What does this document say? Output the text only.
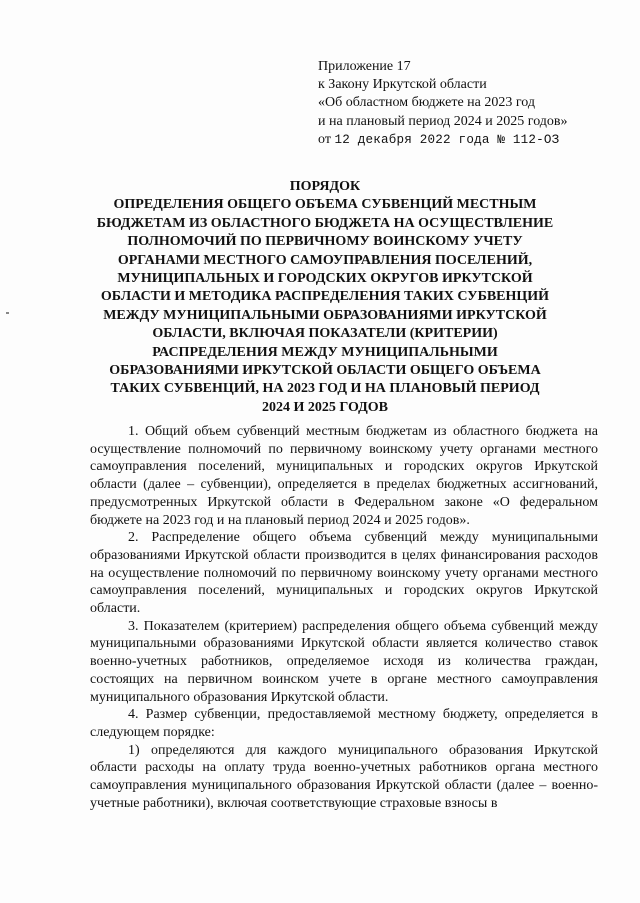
Приложение 17
к Закону Иркутской области
«Об областном бюджете на 2023 год
и на плановый период 2024 и 2025 годов»
от 12 декабря 2022 года № 112-ОЗ
ПОРЯДОК
ОПРЕДЕЛЕНИЯ ОБЩЕГО ОБЪЕМА СУБВЕНЦИЙ МЕСТНЫМ
БЮДЖЕТАМ ИЗ ОБЛАСТНОГО БЮДЖЕТА НА ОСУЩЕСТВЛЕНИЕ
ПОЛНОМОЧИЙ ПО ПЕРВИЧНОМУ ВОИНСКОМУ УЧЕТУ
ОРГАНАМИ МЕСТНОГО САМОУПРАВЛЕНИЯ ПОСЕЛЕНИЙ,
МУНИЦИПАЛЬНЫХ И ГОРОДСКИХ ОКРУГОВ ИРКУТСКОЙ
ОБЛАСТИ И МЕТОДИКА РАСПРЕДЕЛЕНИЯ ТАКИХ СУБВЕНЦИЙ
МЕЖДУ МУНИЦИПАЛЬНЫМИ ОБРАЗОВАНИЯМИ ИРКУТСКОЙ
ОБЛАСТИ, ВКЛЮЧАЯ ПОКАЗАТЕЛИ (КРИТЕРИИ)
РАСПРЕДЕЛЕНИЯ МЕЖДУ МУНИЦИПАЛЬНЫМИ
ОБРАЗОВАНИЯМИ ИРКУТСКОЙ ОБЛАСТИ ОБЩЕГО ОБЪЕМА
ТАКИХ СУБВЕНЦИЙ, НА 2023 ГОД И НА ПЛАНОВЫЙ ПЕРИОД
2024 И 2025 ГОДОВ

1. Общий объем субвенций местным бюджетам из областного бюджета на осуществление полномочий по первичному воинскому учету органами местного самоуправления поселений, муниципальных и городских округов Иркутской области (далее – субвенции), определяется в пределах бюджетных ассигнований, предусмотренных Иркутской области в Федеральном законе «О федеральном бюджете на 2023 год и на плановый период 2024 и 2025 годов».

2. Распределение общего объема субвенций между муниципальными образованиями Иркутской области производится в целях финансирования расходов на осуществление полномочий по первичному воинскому учету органами местного самоуправления поселений, муниципальных и городских округов Иркутской области.

3. Показателем (критерием) распределения общего объема субвенций между муниципальными образованиями Иркутской области является количество ставок военно-учетных работников, определяемое исходя из количества граждан, состоящих на первичном воинском учете в органе местного самоуправления муниципального образования Иркутской области.

4. Размер субвенции, предоставляемой местному бюджету, определяется в следующем порядке:

1) определяются для каждого муниципального образования Иркутской области расходы на оплату труда военно-учетных работников органа местного самоуправления муниципального образования Иркутской области (далее – военно-учетные работники), включая соответствующие страховые взносы в
